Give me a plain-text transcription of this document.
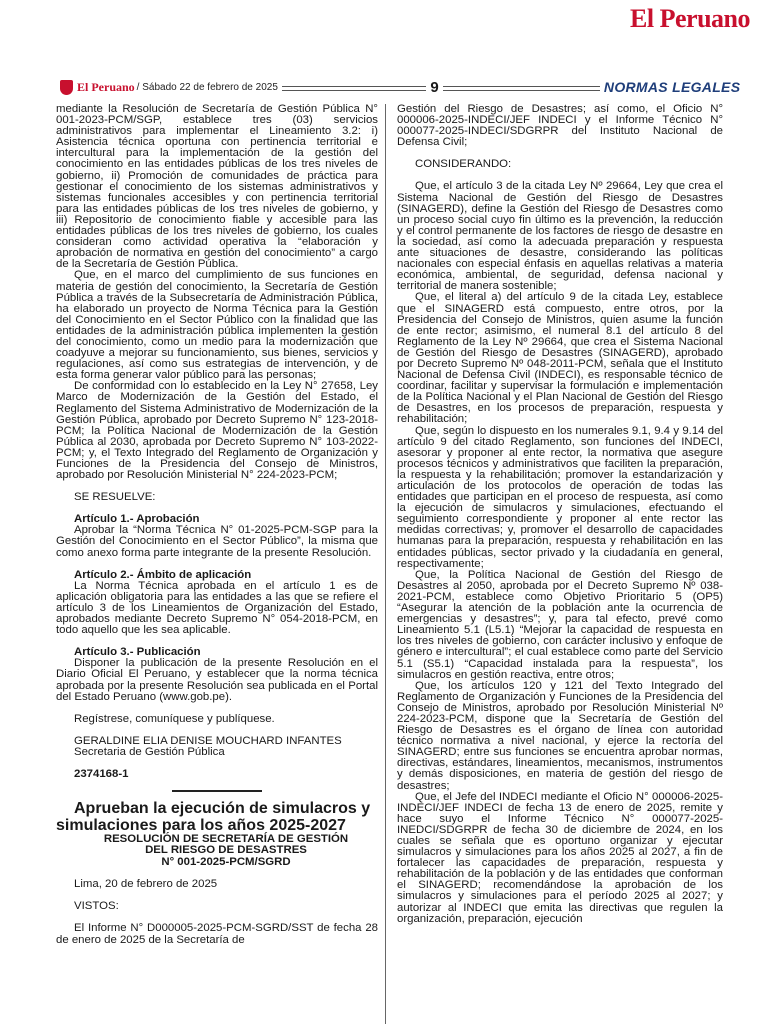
El Peruano
El Peruano / Sábado 22 de febrero de 2025	NORMAS LEGALES
9

mediante la Resolución de Secretaría de Gestión Pública N° 001-2023-PCM/SGP, establece tres (03) servicios administrativos para implementar el Lineamiento 3.2: i) Asistencia técnica oportuna con pertinencia territorial e intercultural para la implementación de la gestión del conocimiento en las entidades públicas de los tres niveles de gobierno, ii) Promoción de comunidades de práctica para gestionar el conocimiento de los sistemas administrativos y sistemas funcionales accesibles y con pertinencia territorial para las entidades públicas de los tres niveles de gobierno, y iii) Repositorio de conocimiento fiable y accesible para las entidades públicas de los tres niveles de gobierno, los cuales consideran como actividad operativa la “elaboración y aprobación de normativa en gestión del conocimiento” a cargo de la Secretaría de Gestión Pública.

Que, en el marco del cumplimiento de sus funciones en materia de gestión del conocimiento, la Secretaría de Gestión Pública a través de la Subsecretaría de Administración Pública, ha elaborado un proyecto de Norma Técnica para la Gestión del Conocimiento en el Sector Público con la finalidad que las entidades de la administración pública implementen la gestión del conocimiento, como un medio para la modernización que coadyuve a mejorar su funcionamiento, sus bienes, servicios y regulaciones, así como sus estrategias de intervención, y de esta forma generar valor público para las personas;

De conformidad con lo establecido en la Ley N° 27658, Ley Marco de Modernización de la Gestión del Estado, el Reglamento del Sistema Administrativo de Modernización de la Gestión Pública, aprobado por Decreto Supremo N° 123-2018-PCM; la Política Nacional de Modernización de la Gestión Pública al 2030, aprobada por Decreto Supremo N° 103-2022-PCM; y, el Texto Integrado del Reglamento de Organización y Funciones de la Presidencia del Consejo de Ministros, aprobado por Resolución Ministerial N° 224-2023-PCM;

SE RESUELVE:

Artículo 1.- Aprobación

Aprobar la “Norma Técnica N° 01-2025-PCM-SGP para la Gestión del Conocimiento en el Sector Público”, la misma que como anexo forma parte integrante de la presente Resolución.

Artículo 2.- Ámbito de aplicación

La Norma Técnica aprobada en el artículo 1 es de aplicación obligatoria para las entidades a las que se refiere el artículo 3 de los Lineamientos de Organización del Estado, aprobados mediante Decreto Supremo N° 054-2018-PCM, en todo aquello que les sea aplicable.

Artículo 3.- Publicación

Disponer la publicación de la presente Resolución en el Diario Oficial El Peruano, y establecer que la norma técnica aprobada por la presente Resolución sea publicada en el Portal del Estado Peruano (www.gob.pe).

Regístrese, comuníquese y publíquese.

GERALDINE ELIA DENISE MOUCHARD INFANTES

Secretaria de Gestión Pública

2374168-1

Aprueban la ejecución de simulacros y simulaciones para los años 2025-2027

RESOLUCIÓN DE SECRETARÍA DE GESTIÓN

DEL RIESGO DE DESASTRES

N° 001-2025-PCM/SGRD

Lima, 20 de febrero de 2025

VISTOS:

El Informe N° D000005-2025-PCM-SGRD/SST de fecha 28 de enero de 2025 de la Secretaría de

Gestión del Riesgo de Desastres; así como, el Oficio N° 000006-2025-INDECI/JEF INDECI y el Informe Técnico N° 000077-2025-INDECI/SDGRPR del Instituto Nacional de Defensa Civil;

CONSIDERANDO:

Que, el artículo 3 de la citada Ley Nº 29664, Ley que crea el Sistema Nacional de Gestión del Riesgo de Desastres (SINAGERD), define la Gestión del Riesgo de Desastres como un proceso social cuyo fin último es la prevención, la reducción y el control permanente de los factores de riesgo de desastre en la sociedad, así como la adecuada preparación y respuesta ante situaciones de desastre, considerando las políticas nacionales con especial énfasis en aquellas relativas a materia económica, ambiental, de seguridad, defensa nacional y territorial de manera sostenible;

Que, el literal a) del artículo 9 de la citada Ley, establece que el SINAGERD está compuesto, entre otros, por la Presidencia del Consejo de Ministros, quien asume la función de ente rector; asimismo, el numeral 8.1 del artículo 8 del Reglamento de la Ley Nº 29664, que crea el Sistema Nacional de Gestión del Riesgo de Desastres (SINAGERD), aprobado por Decreto Supremo Nº 048-2011-PCM, señala que el Instituto Nacional de Defensa Civil (INDECI), es responsable técnico de coordinar, facilitar y supervisar la formulación e implementación de la Política Nacional y el Plan Nacional de Gestión del Riesgo de Desastres, en los procesos de preparación, respuesta y rehabilitación;

Que, según lo dispuesto en los numerales 9.1, 9.4 y 9.14 del artículo 9 del citado Reglamento, son funciones del INDECI, asesorar y proponer al ente rector, la normativa que asegure procesos técnicos y administrativos que faciliten la preparación, la respuesta y la rehabilitación; promover la estandarización y articulación de los protocolos de operación de todas las entidades que participan en el proceso de respuesta, así como la ejecución de simulacros y simulaciones, efectuando el seguimiento correspondiente y proponer al ente rector las medidas correctivas; y, promover el desarrollo de capacidades humanas para la preparación, respuesta y rehabilitación en las entidades públicas, sector privado y la ciudadanía en general, respectivamente;

Que, la Política Nacional de Gestión del Riesgo de Desastres al 2050, aprobada por el Decreto Supremo Nº 038-2021-PCM, establece como Objetivo Prioritario 5 (OP5) “Asegurar la atención de la población ante la ocurrencia de emergencias y desastres”; y, para tal efecto, prevé como Lineamiento 5.1 (L5.1) “Mejorar la capacidad de respuesta en los tres niveles de gobierno, con carácter inclusivo y enfoque de género e intercultural”; el cual establece como parte del Servicio 5.1 (S5.1) “Capacidad instalada para la respuesta”, los simulacros en gestión reactiva, entre otros;

Que, los artículos 120 y 121 del Texto Integrado del Reglamento de Organización y Funciones de la Presidencia del Consejo de Ministros, aprobado por Resolución Ministerial Nº 224-2023-PCM, dispone que la Secretaría de Gestión del Riesgo de Desastres es el órgano de línea con autoridad técnico normativa a nivel nacional, y ejerce la rectoría del SINAGERD; entre sus funciones se encuentra aprobar normas, directivas, estándares, lineamientos, mecanismos, instrumentos y demás disposiciones, en materia de gestión del riesgo de desastres;

Que, el Jefe del INDECI mediante el Oficio N° 000006-2025-INDECI/JEF INDECI de fecha 13 de enero de 2025, remite y hace suyo el Informe Técnico N° 000077-2025-INEDCI/SDGRPR de fecha 30 de diciembre de 2024, en los cuales se señala que es oportuno organizar y ejecutar simulacros y simulaciones para los años 2025 al 2027, a fin de fortalecer las capacidades de preparación, respuesta y rehabilitación de la población y de las entidades que conforman el SINAGERD; recomendándose la aprobación de los simulacros y simulaciones para el período 2025 al 2027; y autorizar al INDECI que emita las directivas que regulen la organización, preparación, ejecución
